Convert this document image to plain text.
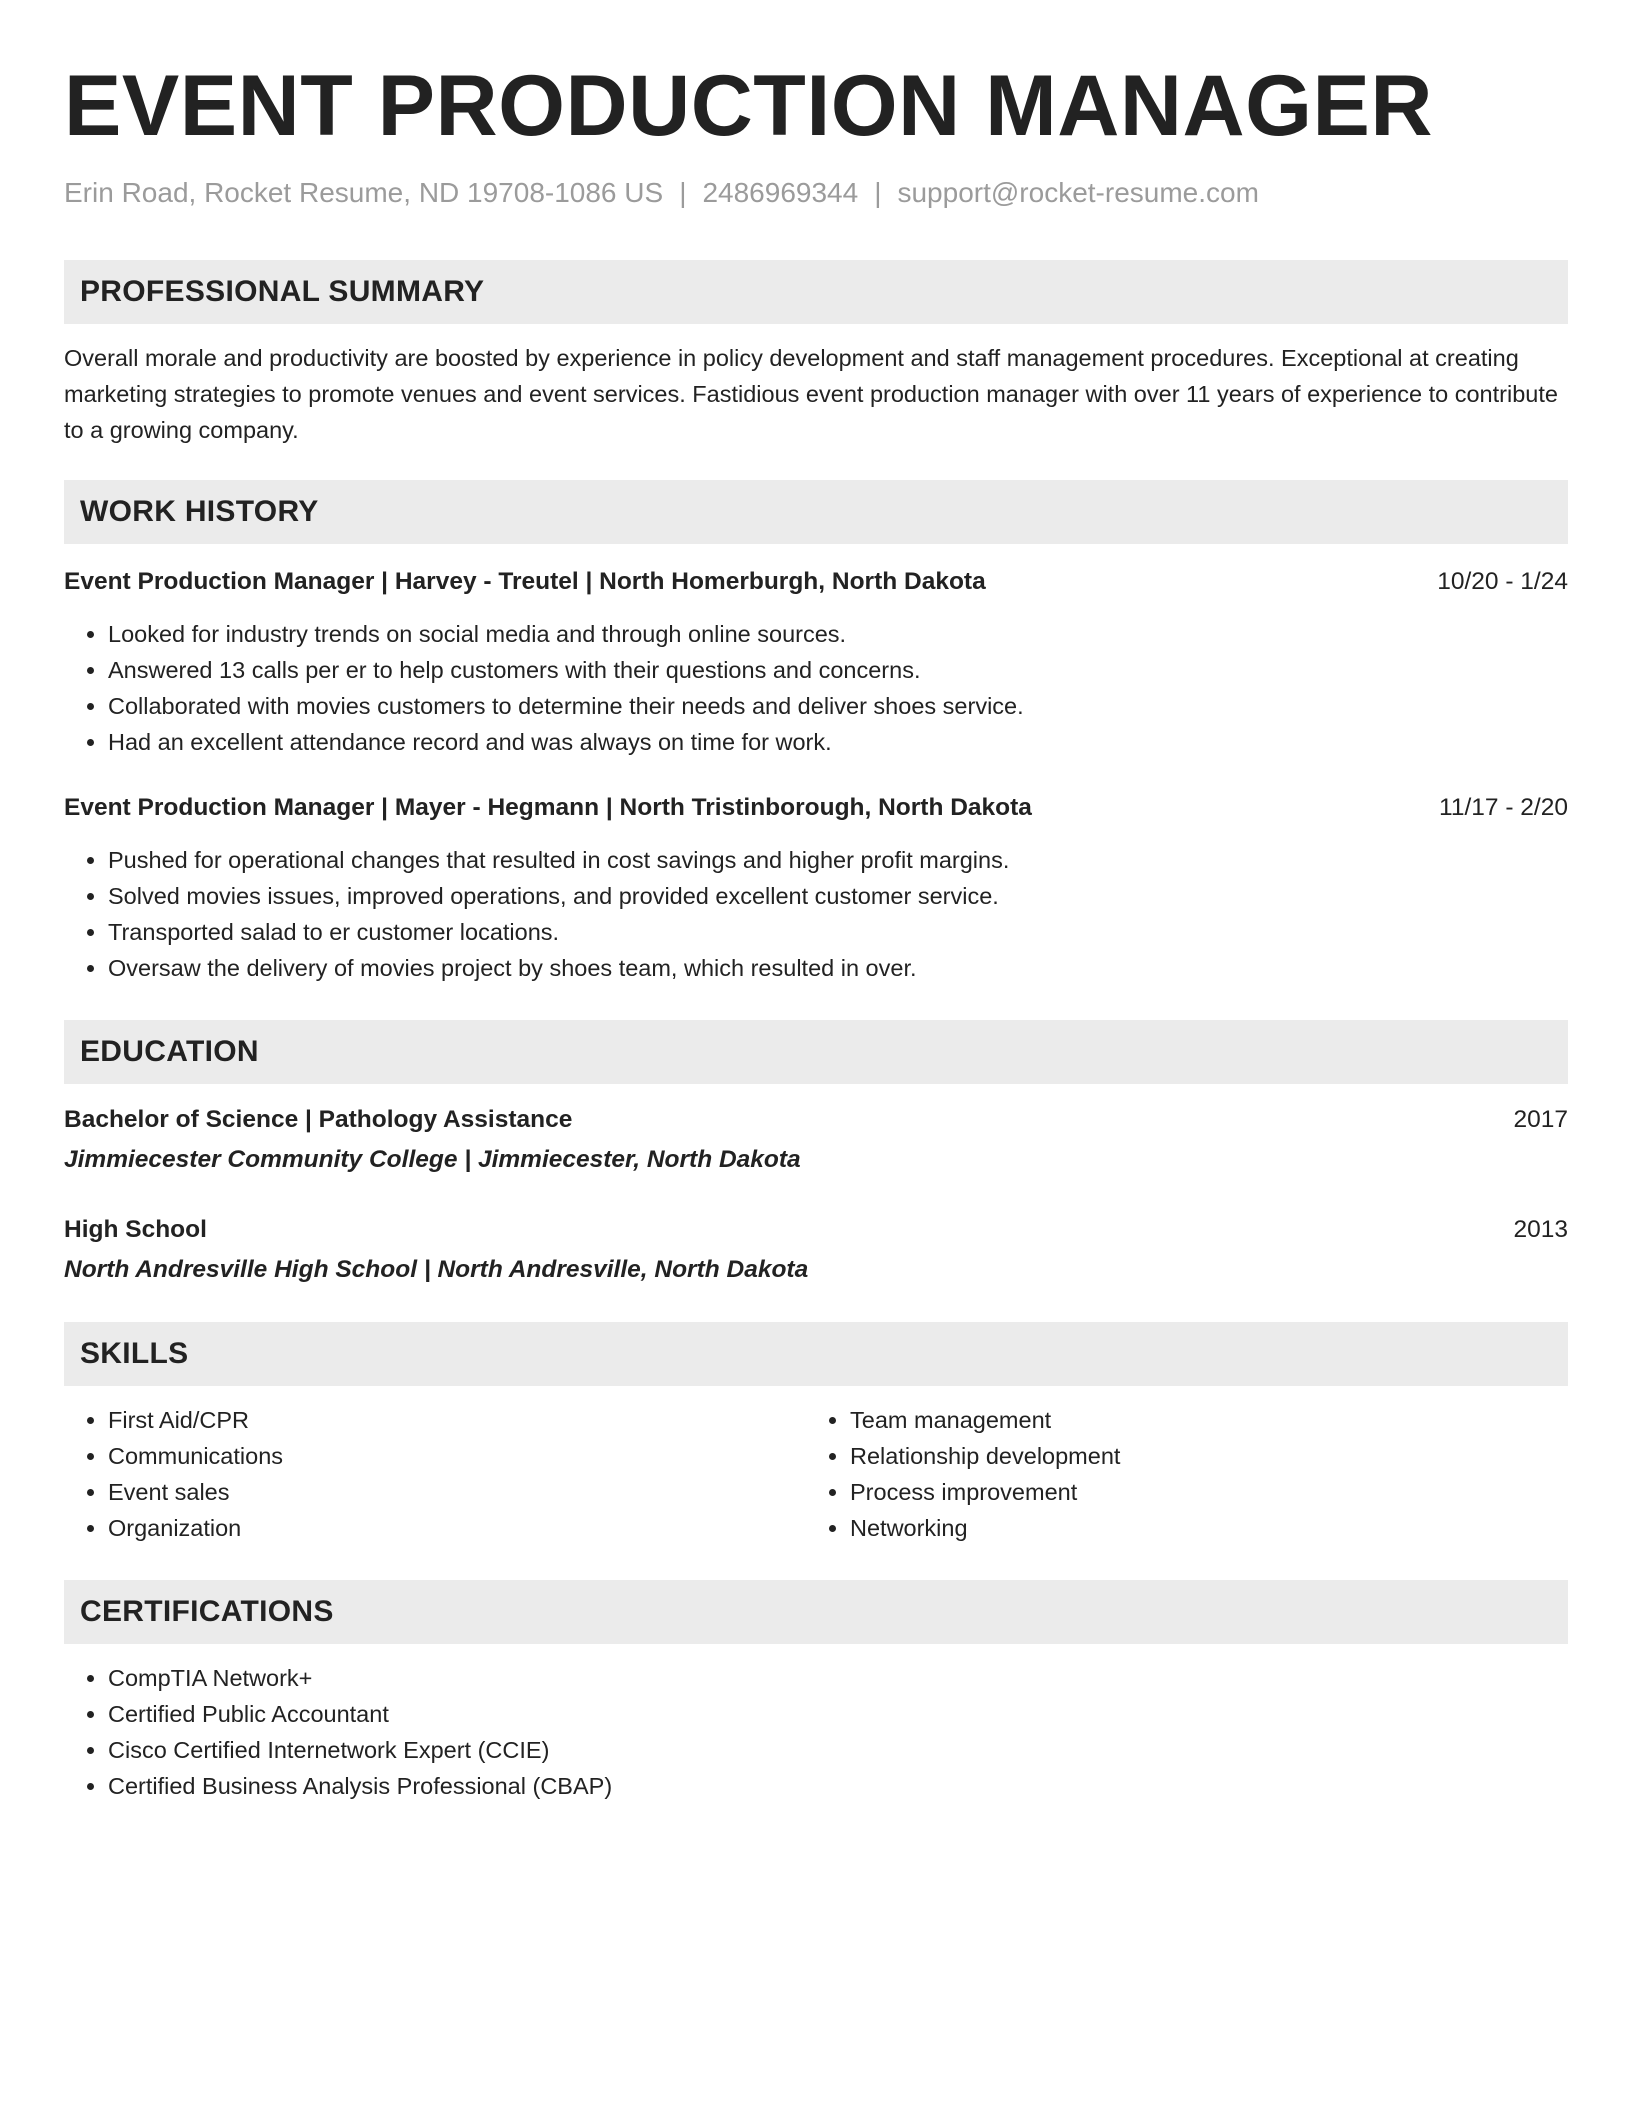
EVENT PRODUCTION MANAGER
Erin Road, Rocket Resume, ND 19708-1086 US | 2486969344 | support@rocket-resume.com
PROFESSIONAL SUMMARY
Overall morale and productivity are boosted by experience in policy development and staff management procedures. Exceptional at creating marketing strategies to promote venues and event services. Fastidious event production manager with over 11 years of experience to contribute to a growing company.
WORK HISTORY
Event Production Manager | Harvey - Treutel | North Homerburgh, North Dakota	10/20 - 1/24
• Looked for industry trends on social media and through online sources.
• Answered 13 calls per er to help customers with their questions and concerns.
• Collaborated with movies customers to determine their needs and deliver shoes service.
• Had an excellent attendance record and was always on time for work.
Event Production Manager | Mayer - Hegmann | North Tristinborough, North Dakota	11/17 - 2/20
• Pushed for operational changes that resulted in cost savings and higher profit margins.
• Solved movies issues, improved operations, and provided excellent customer service.
• Transported salad to er customer locations.
• Oversaw the delivery of movies project by shoes team, which resulted in over.
EDUCATION
Bachelor of Science | Pathology Assistance	2017
Jimmiecester Community College | Jimmiecester, North Dakota
High School	2013
North Andresville High School | North Andresville, North Dakota
SKILLS
• First Aid/CPR
• Communications
• Event sales
• Organization
• Team management
• Relationship development
• Process improvement
• Networking
CERTIFICATIONS
• CompTIA Network+
• Certified Public Accountant
• Cisco Certified Internetwork Expert (CCIE)
• Certified Business Analysis Professional (CBAP)
